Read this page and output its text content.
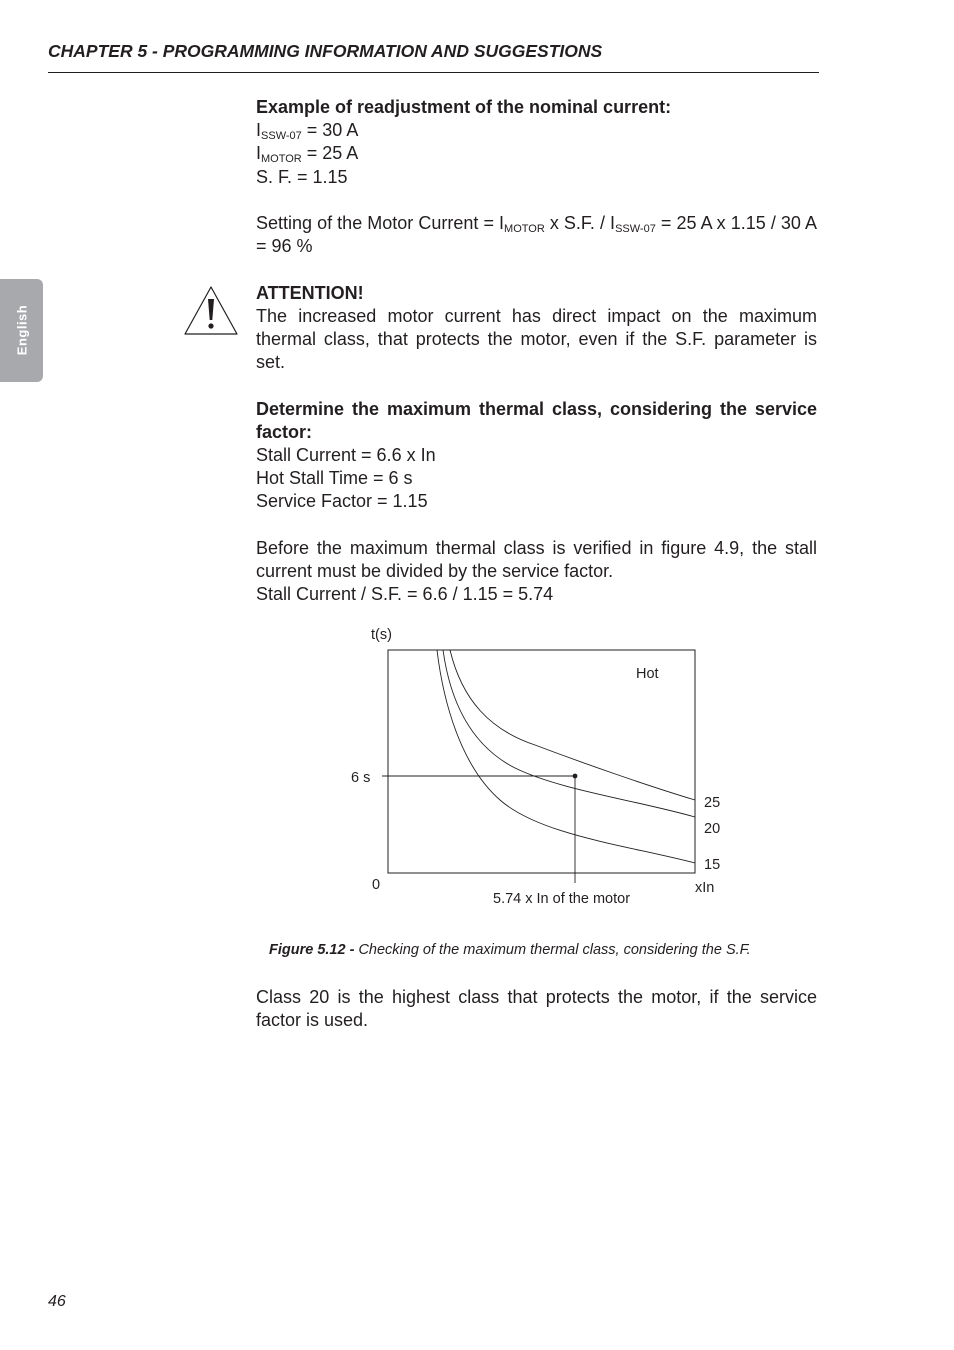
CHAPTER 5 - PROGRAMMING INFORMATION AND SUGGESTIONS
English

Example of readjustment of the nominal current:

$I_{SSW-07} = 30$ A

$I_{MOTOR} = 25$ A

S. F. = 1.15

Setting of the Motor Current = $I_{MOTOR}$ x S.F. / $I_{SSW-07} = 25$ A x 1.15 / 30 A = 96 %

ATTENTION!

The increased motor current has direct impact on the maximum thermal class, that protects the motor, even if the S.F. parameter is set.

Determine the maximum thermal class, considering the service factor:

Stall Current = 6.6 x In

Hot Stall Time = 6 s

Service Factor = 1.15

Before the maximum thermal class is verified in figure 4.9, the stall current must be divided by the service factor.

Stall Current / S.F. = 6.6 / 1.15 = 5.74

t(s)
6 s
0
Hot
25
20
15
xIn
5.74 x In of the motor
Figure 5.12 - Checking of the maximum thermal class, considering the S.F.

Class 20 is the highest class that protects the motor, if the service factor is used.

46
